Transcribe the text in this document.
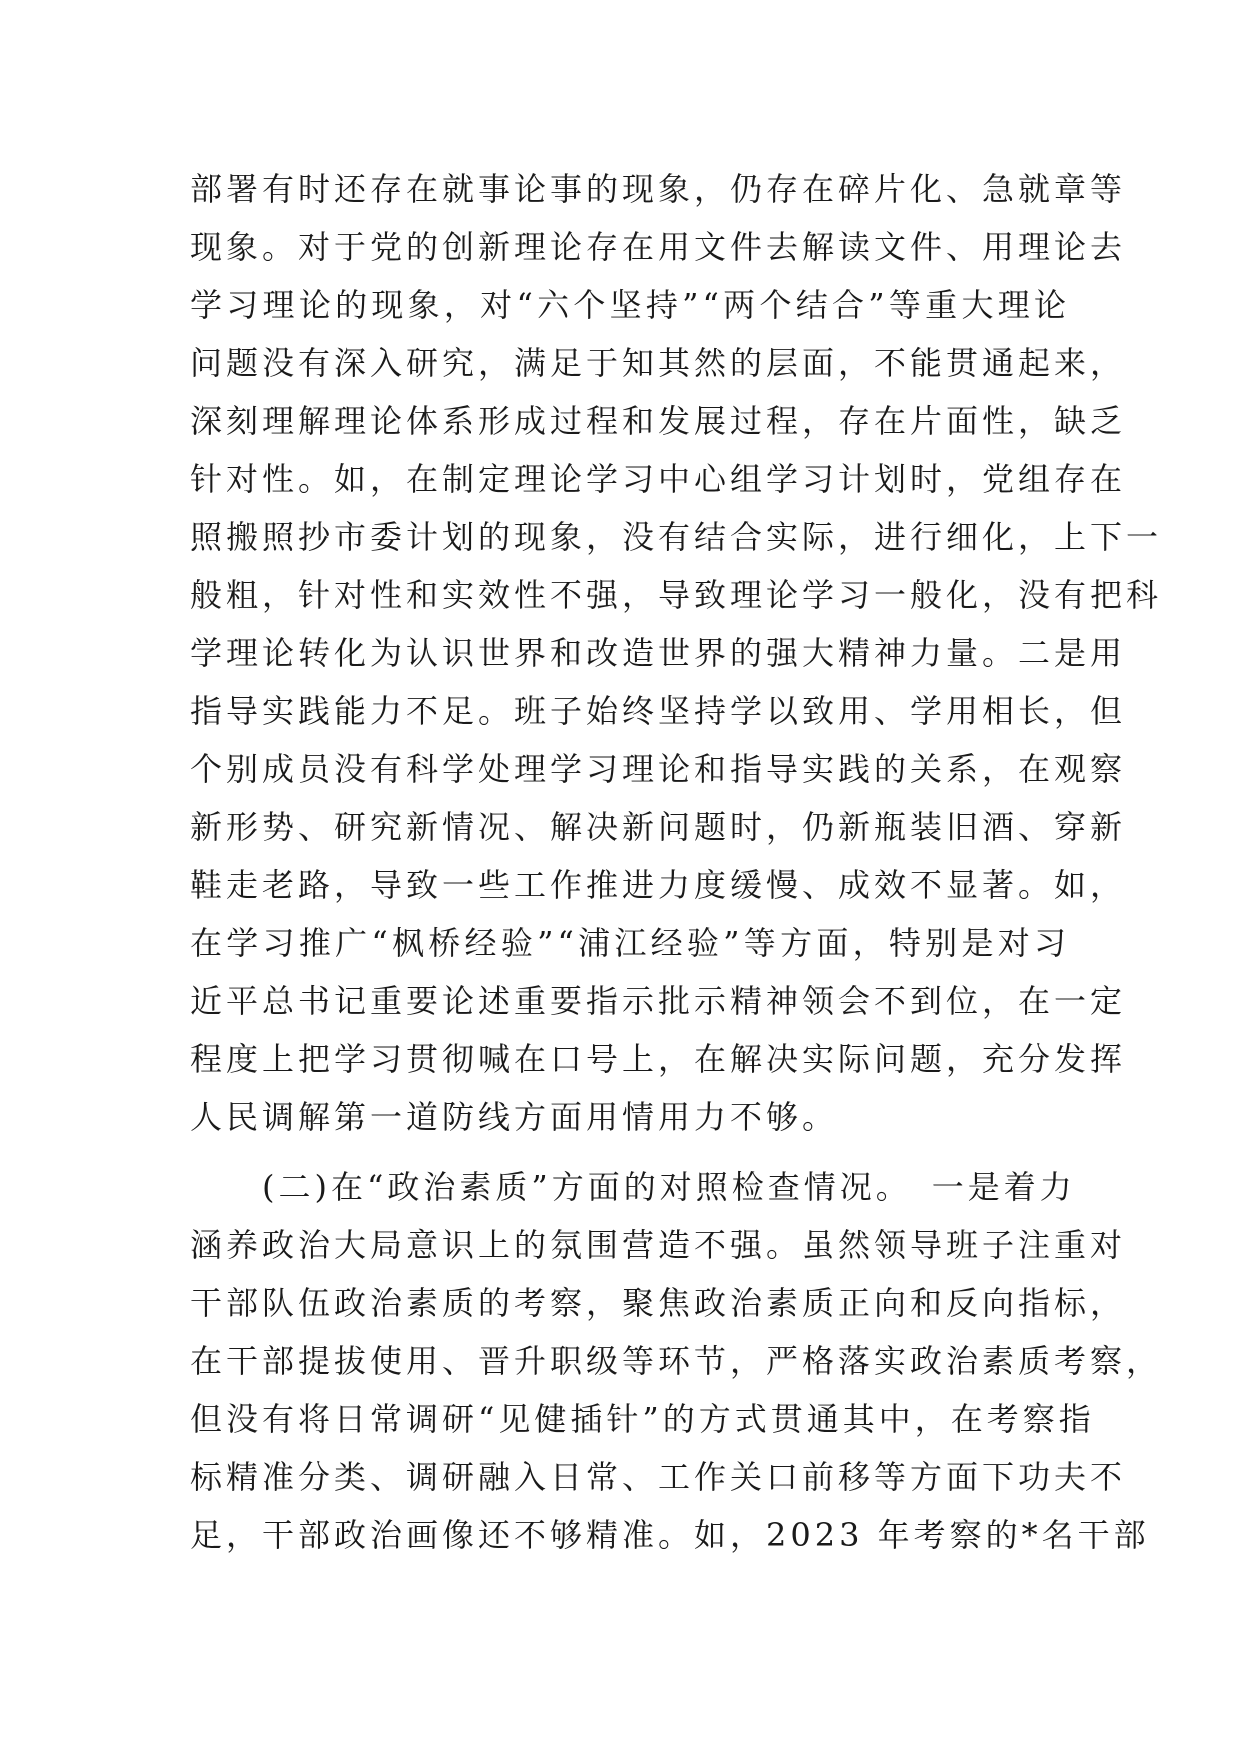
部署有时还存在就事论事的现象，仍存在碎片化、急就章等
现象。对于党的创新理论存在用文件去解读文件、用理论去
学习理论的现象，对“六个坚持”“两个结合”等重大理论
问题没有深入研究，满足于知其然的层面，不能贯通起来，
深刻理解理论体系形成过程和发展过程，存在片面性，缺乏
针对性。如，在制定理论学习中心组学习计划时，党组存在
照搬照抄市委计划的现象，没有结合实际，进行细化，上下一
般粗，针对性和实效性不强，导致理论学习一般化，没有把科
学理论转化为认识世界和改造世界的强大精神力量。二是用
指导实践能力不足。班子始终坚持学以致用、学用相长，但
个别成员没有科学处理学习理论和指导实践的关系，在观察
新形势、研究新情况、解决新问题时，仍新瓶装旧酒、穿新
鞋走老路，导致一些工作推进力度缓慢、成效不显著。如，
在学习推广“枫桥经验”“浦江经验”等方面，特别是对习
近平总书记重要论述重要指示批示精神领会不到位，在一定
程度上把学习贯彻喊在口号上，在解决实际问题，充分发挥
人民调解第一道防线方面用情用力不够。
(二)在“政治素质”方面的对照检查情况。　一是着力
涵养政治大局意识上的氛围营造不强。虽然领导班子注重对
干部队伍政治素质的考察，聚焦政治素质正向和反向指标，
在干部提拔使用、晋升职级等环节，严格落实政治素质考察，
但没有将日常调研“见健插针”的方式贯通其中，在考察指
标精准分类、调研融入日常、工作关口前移等方面下功夫不
足，干部政治画像还不够精准。如，2023 年考察的*名干部
